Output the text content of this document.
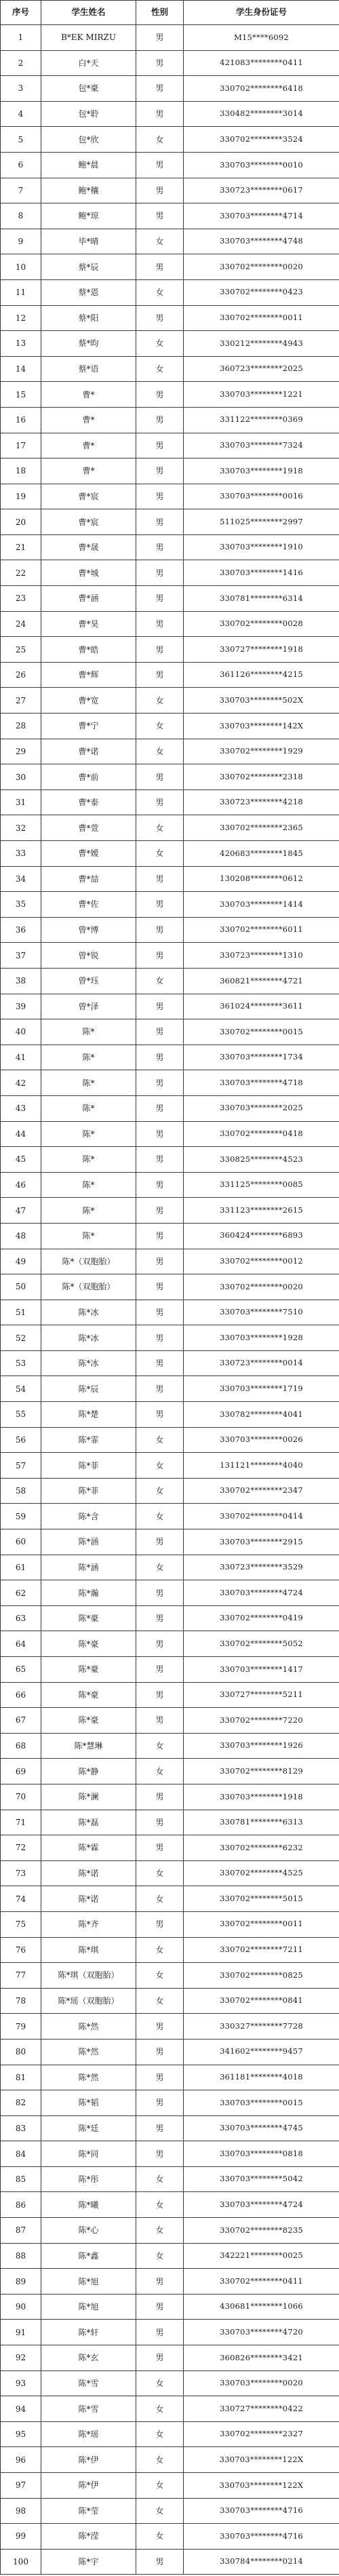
序号	学生姓名	性别	学生身份证号
1	B*EK MIRZU	男	M15****6092
2	白*天	男	421083********0411
3	包*豪	男	330702********6418
4	包*聆	男	330482********3014
5	包*欣	女	330702********3524
6	鲍*晨	男	330703********0010
7	鲍*穰	男	330723********0617
8	鲍*琼	男	330703********4714
9	毕*晴	女	330703********4748
10	蔡*辰	男	330702********0020
11	蔡*恩	女	330702********0423
12	蔡*阳	男	330702********0011
13	蔡*昀	女	330212********4943
14	蔡*语	女	360723********2025
15	曹*	男	330703********1221
16	曹*	男	331122********0369
17	曹*	男	330703********7324
18	曹*	男	330703********1918
19	曹*宸	男	330703********0016
20	曹*宸	男	511025********2997
21	曹*晟	男	330703********1910
22	曹*城	男	330703********1416
23	曹*涵	男	330781********6314
24	曹*昊	男	330702********0028
25	曹*皓	男	330727********1918
26	曹*辉	男	361126********4215
27	曹*宽	女	330703********502X
28	曹*宁	女	330703********142X
29	曹*诺	女	330702********1929
30	曹*前	男	330702********2318
31	曹*泰	男	330723********4218
32	曹*萱	女	330702********2365
33	曹*嫒	女	420683********1845
34	曹*喆	男	130208********0612
35	曹*佐	男	330703********1414
36	曾*博	男	330702********6011
37	曾*锐	男	330723********1310
38	曾*珏	女	360821********4721
39	曾*泽	男	361024********3611
40	陈*	男	330702********0015
41	陈*	男	330703********1734
42	陈*	男	330703********4718
43	陈*	男	330703********2025
44	陈*	男	330702********0418
45	陈*	男	330825********4523
46	陈*	男	331125********0085
47	陈*	男	331123********2615
48	陈*	男	360424********6893
49	陈*（双胞胎）	男	330702********0012
50	陈*（双胞胎）	男	330702********0020
51	陈*冰	男	330703********7510
52	陈*冰	男	330703********1928
53	陈*冰	男	330723********0014
54	陈*辰	男	330703********1719
55	陈*楚	男	330782********4041
56	陈*霏	女	330703********0026
57	陈*菲	女	131121********4040
58	陈*菲	女	330702********2347
59	陈*含	女	330702********0414
60	陈*涵	男	330703********2915
61	陈*涵	女	330723********3529
62	陈*瀚	男	330703********4724
63	陈*豪	男	330702********0419
64	陈*豪	男	330702********5052
65	陈*豪	男	330703********1417
66	陈*豪	男	330727********5211
67	陈*豪	男	330702********7220
68	陈*慧琳	女	330703********1926
69	陈*静	女	330702********8129
70	陈*澜	男	330703********1918
71	陈*磊	男	330781********6313
72	陈*霖	男	330702********6232
73	陈*诺	女	330702********4525
74	陈*诺	女	330702********5015
75	陈*齐	男	330702********0011
76	陈*琪	女	330702********7211
77	陈*琪（双胞胎）	女	330702********0825
78	陈*瑶（双胞胎）	女	330702********0841
79	陈*然	男	330327********7728
80	陈*然	男	341602********9457
81	陈*然	男	361181********4018
82	陈*韬	男	330703********0015
83	陈*廷	男	330703********4745
84	陈*同	男	330703********0818
85	陈*彤	女	330703********5042
86	陈*曦	女	330703********4724
87	陈*心	女	330702********8235
88	陈*鑫	女	342221********0025
89	陈*旭	男	330702********0411
90	陈*旭	男	430681********1066
91	陈*轩	男	330703********4720
92	陈*玄	男	360826********3421
93	陈*雪	女	330703********0020
94	陈*雪	女	330727********0422
95	陈*瑶	女	330702********2327
96	陈*伊	女	330703********122X
97	陈*伊	女	330703********122X
98	陈*莹	女	330703********4716
99	陈*滢	女	330703********4716
100	陈*宇	男	330784********0214
